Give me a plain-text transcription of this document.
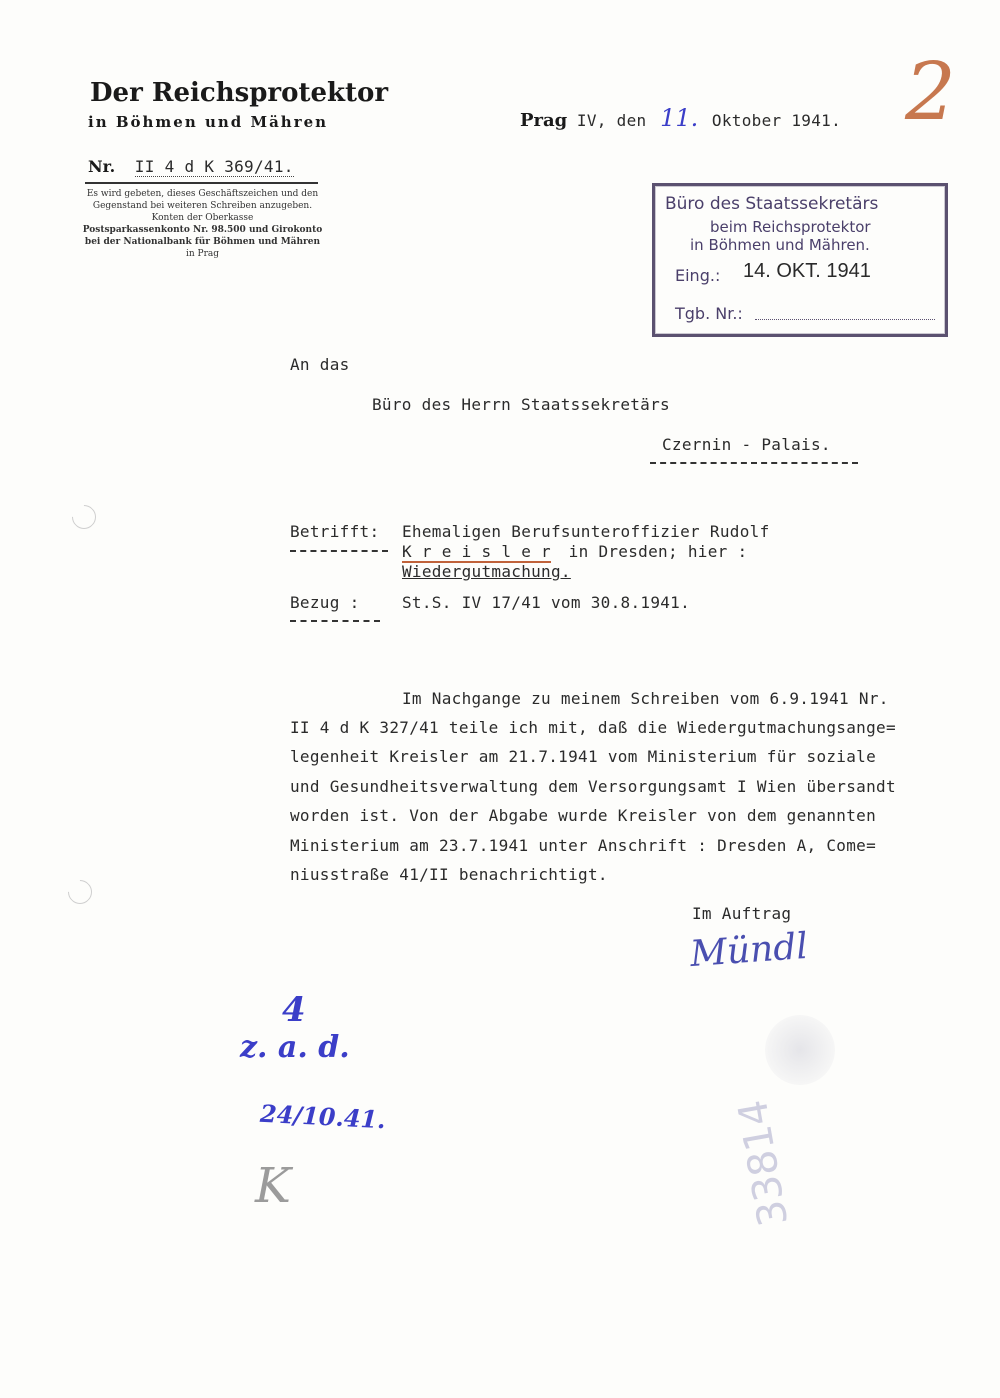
2
Der Reichsprotektor
in Böhmen und Mähren
Nr. II 4 d K 369/41.
Es wird gebeten, dieses Geschäftszeichen und den
Gegenstand bei weiteren Schreiben anzugeben.
Konten der Oberkasse
Postsparkassenkonto Nr. 98.500 und Girokonto
bei der Nationalbank für Böhmen und Mähren
in Prag
Prag IV, den 11. Oktober 1941.
Büro des Staatssekretärs
beim Reichsprotektor
in Böhmen und Mähren.
Eing.: 14. OKT. 1941
Tgb. Nr.:
An das
Büro des Herrn Staatssekretärs
Czernin - Palais.
Betrifft: Ehemaligen Berufsunteroffizier Rudolf
K r e i s l e r in Dresden; hier :
Wiedergutmachung.
Bezug :	St.S. IV 17/41 vom 30.8.1941.
Im Nachgange zu meinem Schreiben vom 6.9.1941 Nr.
II 4 d K 327/41 teile ich mit, daß die Wiedergutmachungsange=
legenheit Kreisler am 21.7.1941 vom Ministerium für soziale
und Gesundheitsverwaltung dem Versorgungsamt I Wien übersandt
worden ist. Von der Abgabe wurde Kreisler von dem genannten
Ministerium am 23.7.1941 unter Anschrift : Dresden A, Come=
niusstraße 41/II benachrichtigt.
Im Auftrag
Mündl
4
z. a. d.
24/10.41.
K	33814
